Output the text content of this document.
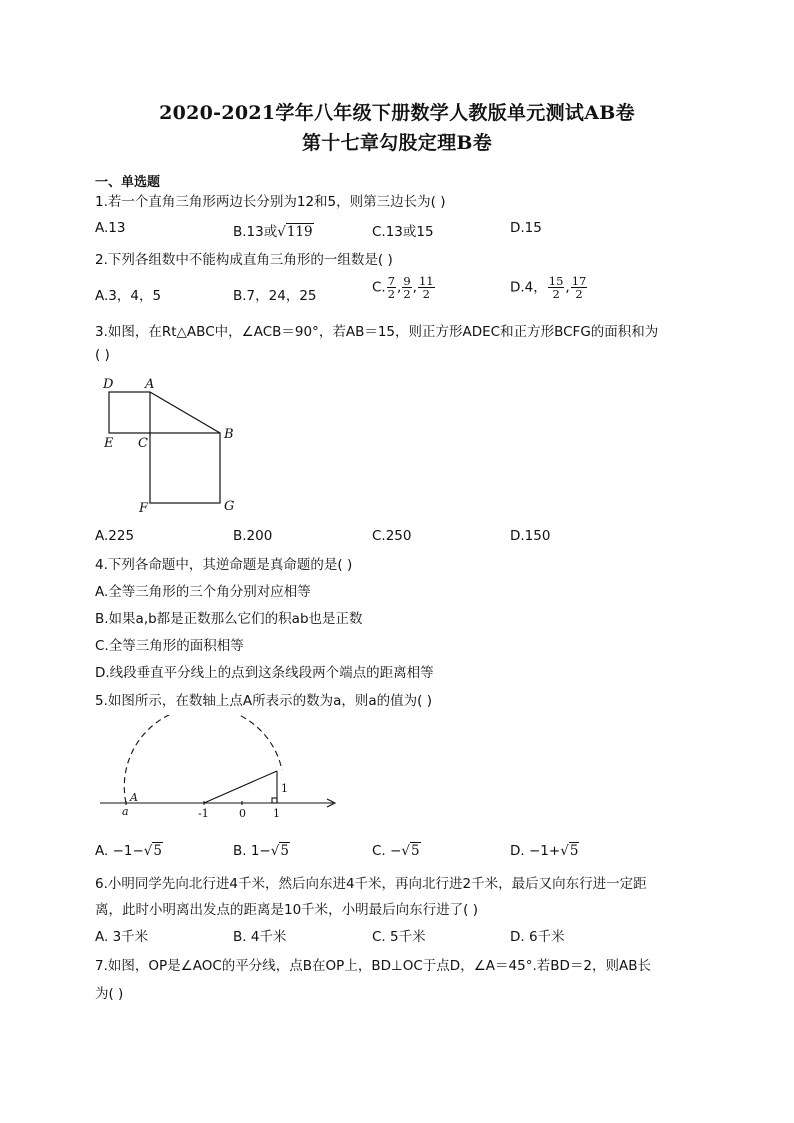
2020-2021学年八年级下册数学人教版单元测试AB卷
第十七章勾股定理B卷
一、单选题
1.若一个直角三角形两边长分别为12和5，则第三边长为( )
A.13	B.13或√119	C.13或15	D.15
2.下列各组数中不能构成直角三角形的一组数是( )
A.3，4，5	B.7，24，25
C. $\frac{7}{2}$ , $\frac{9}{2}$ , $\frac{11}{2}$	D.4， $\frac{15}{2}$ , $\frac{17}{2}$
3.如图，在Rt△ABC中，∠ACB＝90°，若AB＝15，则正方形ADEC和正方形BCFG的面积和为
( )
D A
E C
B
F	G
A.225	B.200	C.250	D.150
4.下列各命题中，其逆命题是真命题的是( )
A.全等三角形的三个角分别对应相等
B.如果a,b都是正数那么它们的积ab也是正数
C.全等三角形的面积相等
D.线段垂直平分线上的点到这条线段两个端点的距离相等
5.如图所示，在数轴上点A所表示的数为a，则a的值为( )
A
a	-1	0 1
1
A. −1−√5	B. 1−√5	C. −√5	D. −1+√5
6.小明同学先向北行进4千米，然后向东进4千米，再向北行进2千米，最后又向东行进一定距
离，此时小明离出发点的距离是10千米，小明最后向东行进了( )
A. 3千米	B. 4千米	C. 5千米	D. 6千米
7.如图，OP是∠AOC的平分线，点B在OP上，BD⊥OC于点D，∠A＝45°.若BD＝2，则AB长
为( )
